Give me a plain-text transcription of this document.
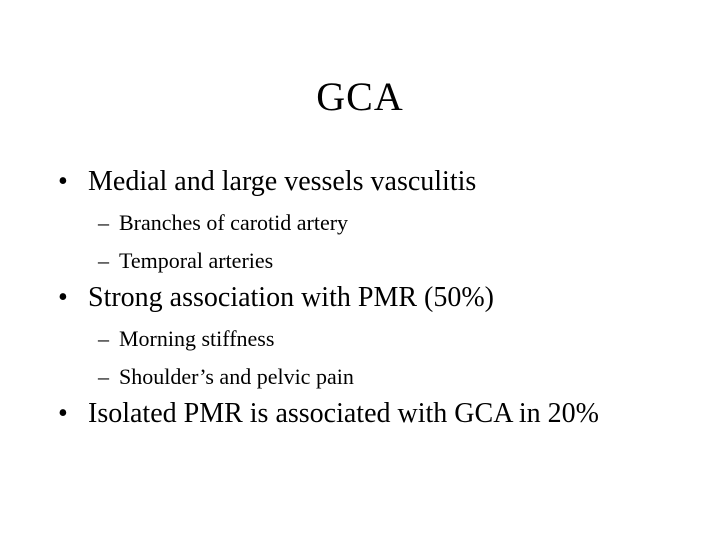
GCA
• Medial and large vessels vasculitis
– Branches of carotid artery
– Temporal arteries
• Strong association with PMR (50%)
– Morning stiffness
– Shoulder’s and pelvic pain
• Isolated PMR is associated with GCA in 20%
